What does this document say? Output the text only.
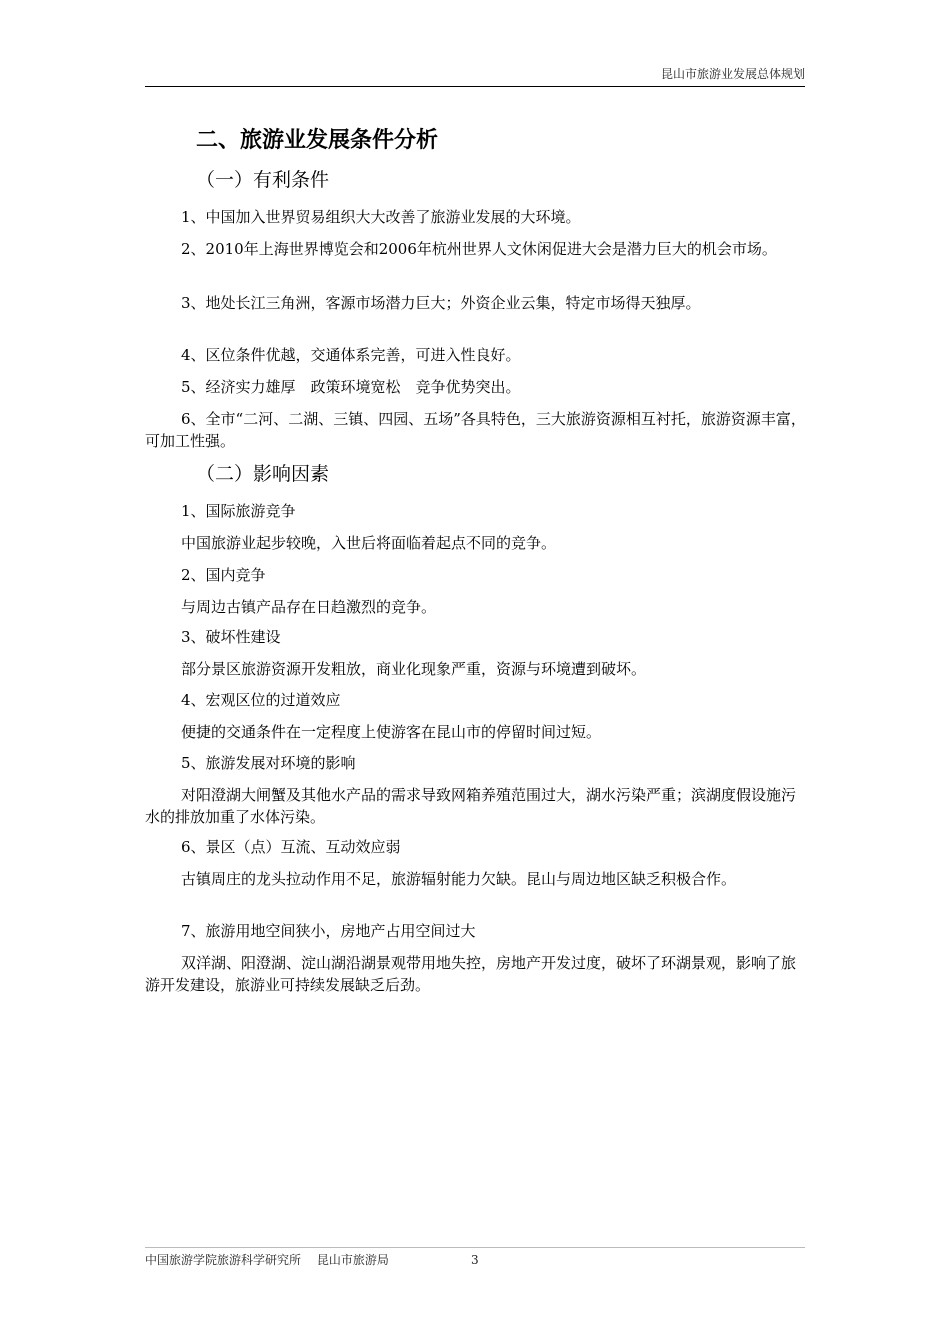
昆山市旅游业发展总体规划
二、旅游业发展条件分析
（一）有利条件

1、中国加入世界贸易组织大大改善了旅游业发展的大环境。

2、2010年上海世界博览会和2006年杭州世界人文休闲促进大会是潜力巨大的机会市场。

3、地处长江三角洲，客源市场潜力巨大；外资企业云集，特定市场得天独厚。

4、区位条件优越，交通体系完善，可进入性良好。

5、经济实力雄厚　政策环境宽松　竞争优势突出。

6、全市“二河、二湖、三镇、四园、五场”各具特色，三大旅游资源相互衬托，旅游资源丰富，可加工性强。

（二）影响因素

1、国际旅游竞争

中国旅游业起步较晚，入世后将面临着起点不同的竞争。

2、国内竞争

与周边古镇产品存在日趋激烈的竞争。

3、破坏性建设

部分景区旅游资源开发粗放，商业化现象严重，资源与环境遭到破坏。

4、宏观区位的过道效应

便捷的交通条件在一定程度上使游客在昆山市的停留时间过短。

5、旅游发展对环境的影响

对阳澄湖大闸蟹及其他水产品的需求导致网箱养殖范围过大，湖水污染严重；滨湖度假设施污水的排放加重了水体污染。

6、景区（点）互流、互动效应弱

古镇周庄的龙头拉动作用不足，旅游辐射能力欠缺。昆山与周边地区缺乏积极合作。

7、旅游用地空间狭小，房地产占用空间过大

双洋湖、阳澄湖、淀山湖沿湖景观带用地失控，房地产开发过度，破坏了环湖景观，影响了旅游开发建设，旅游业可持续发展缺乏后劲。

中国旅游学院旅游科学研究所　 昆山市旅游局	3
